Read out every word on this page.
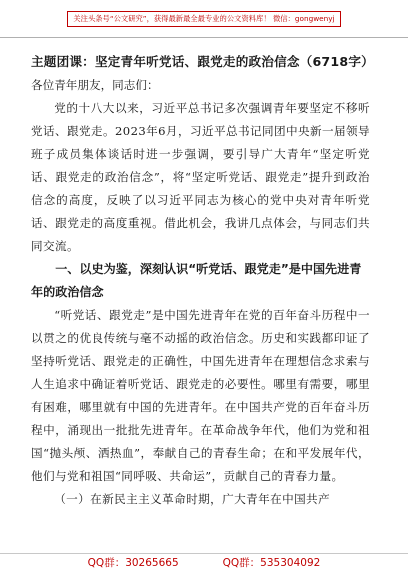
关注头条号“公文研究”，获得最新最全最专业的公文资料库！ 微信：gongwenyj

主题团课：坚定青年听党话、跟党走的政治信念（6718字）

各位青年朋友，同志们：

党的十八大以来，习近平总书记多次强调青年要坚定不移听党话、跟党走。2023年6月，习近平总书记同团中央新一届领导班子成员集体谈话时进一步强调，要引导广大青年“坚定听党话、跟党走的政治信念”，将“坚定听党话、跟党走”提升到政治信念的高度，反映了以习近平同志为核心的党中央对青年听党话、跟党走的高度重视。借此机会，我讲几点体会，与同志们共同交流。

一、以史为鉴，深刻认识“听党话、跟党走”是中国先进青年的政治信念

“听党话、跟党走”是中国先进青年在党的百年奋斗历程中一以贯之的优良传统与毫不动摇的政治信念。历史和实践都印证了坚持听党话、跟党走的正确性，中国先进青年在理想信念求索与人生追求中确证着听党话、跟党走的必要性。哪里有需要，哪里有困难，哪里就有中国的先进青年。在中国共产党的百年奋斗历程中，涌现出一批批先进青年。在革命战争年代，他们为党和祖国“抛头颅、洒热血”，奉献自己的青春生命；在和平发展年代，他们与党和祖国“同呼吸、共命运”，贡献自己的青春力量。

（一）在新民主主义革命时期，广大青年在中国共产

QQ群：30265665	QQ群：535304092
